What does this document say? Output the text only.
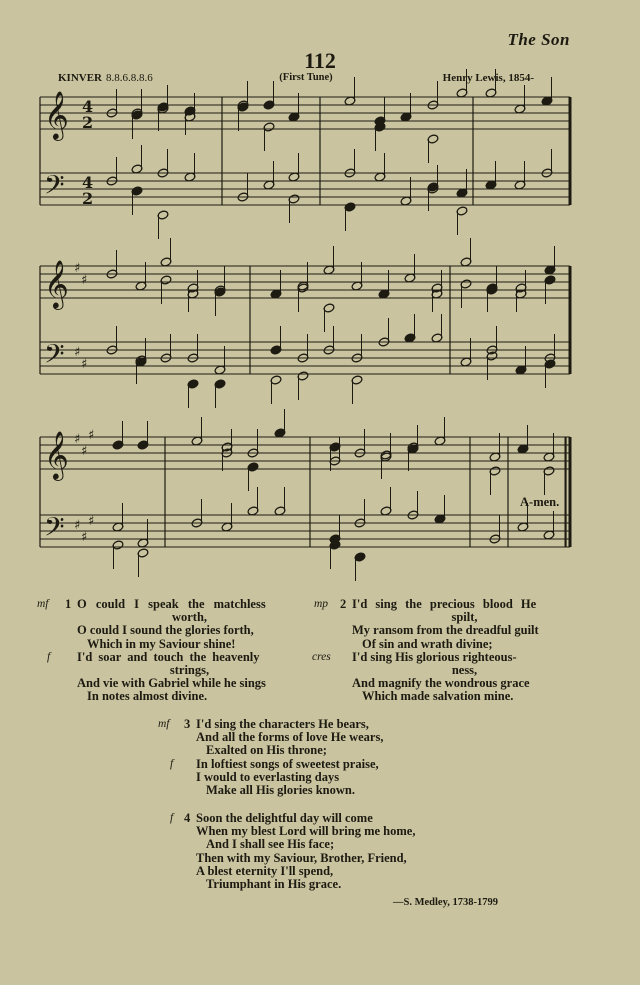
The Son
112
KINVER 8.8.6.8.8.6	(First Tune)	Henry Lewis, 1854-
𝄞 4
2
𝄢 4
2
𝄞 ♯
♯
𝄢 ♯
♯
𝄞 ♯
♯
♯
𝄢 ♯
♯
♯
A-men.
mf
f
1 O could I speak the matchless
worth,
O could I sound the glories forth,
Which in my Saviour shine!
I'd soar and touch the heavenly
strings,
And vie with Gabriel while he sings
In notes almost divine.
mp
cres
2 I'd sing the precious blood He
spilt,
My ransom from the dreadful guilt
Of sin and wrath divine;
I'd sing His glorious righteous-
ness,
And magnify the wondrous grace
Which made salvation mine.
mf
f
3 I'd sing the characters He bears,
And all the forms of love He wears,
Exalted on His throne;
In loftiest songs of sweetest praise,
I would to everlasting days
Make all His glories known.
f 4 Soon the delightful day will come
When my blest Lord will bring me home,
And I shall see His face;
Then with my Saviour, Brother, Friend,
A blest eternity I'll spend,
Triumphant in His grace.
—S. Medley, 1738-1799
